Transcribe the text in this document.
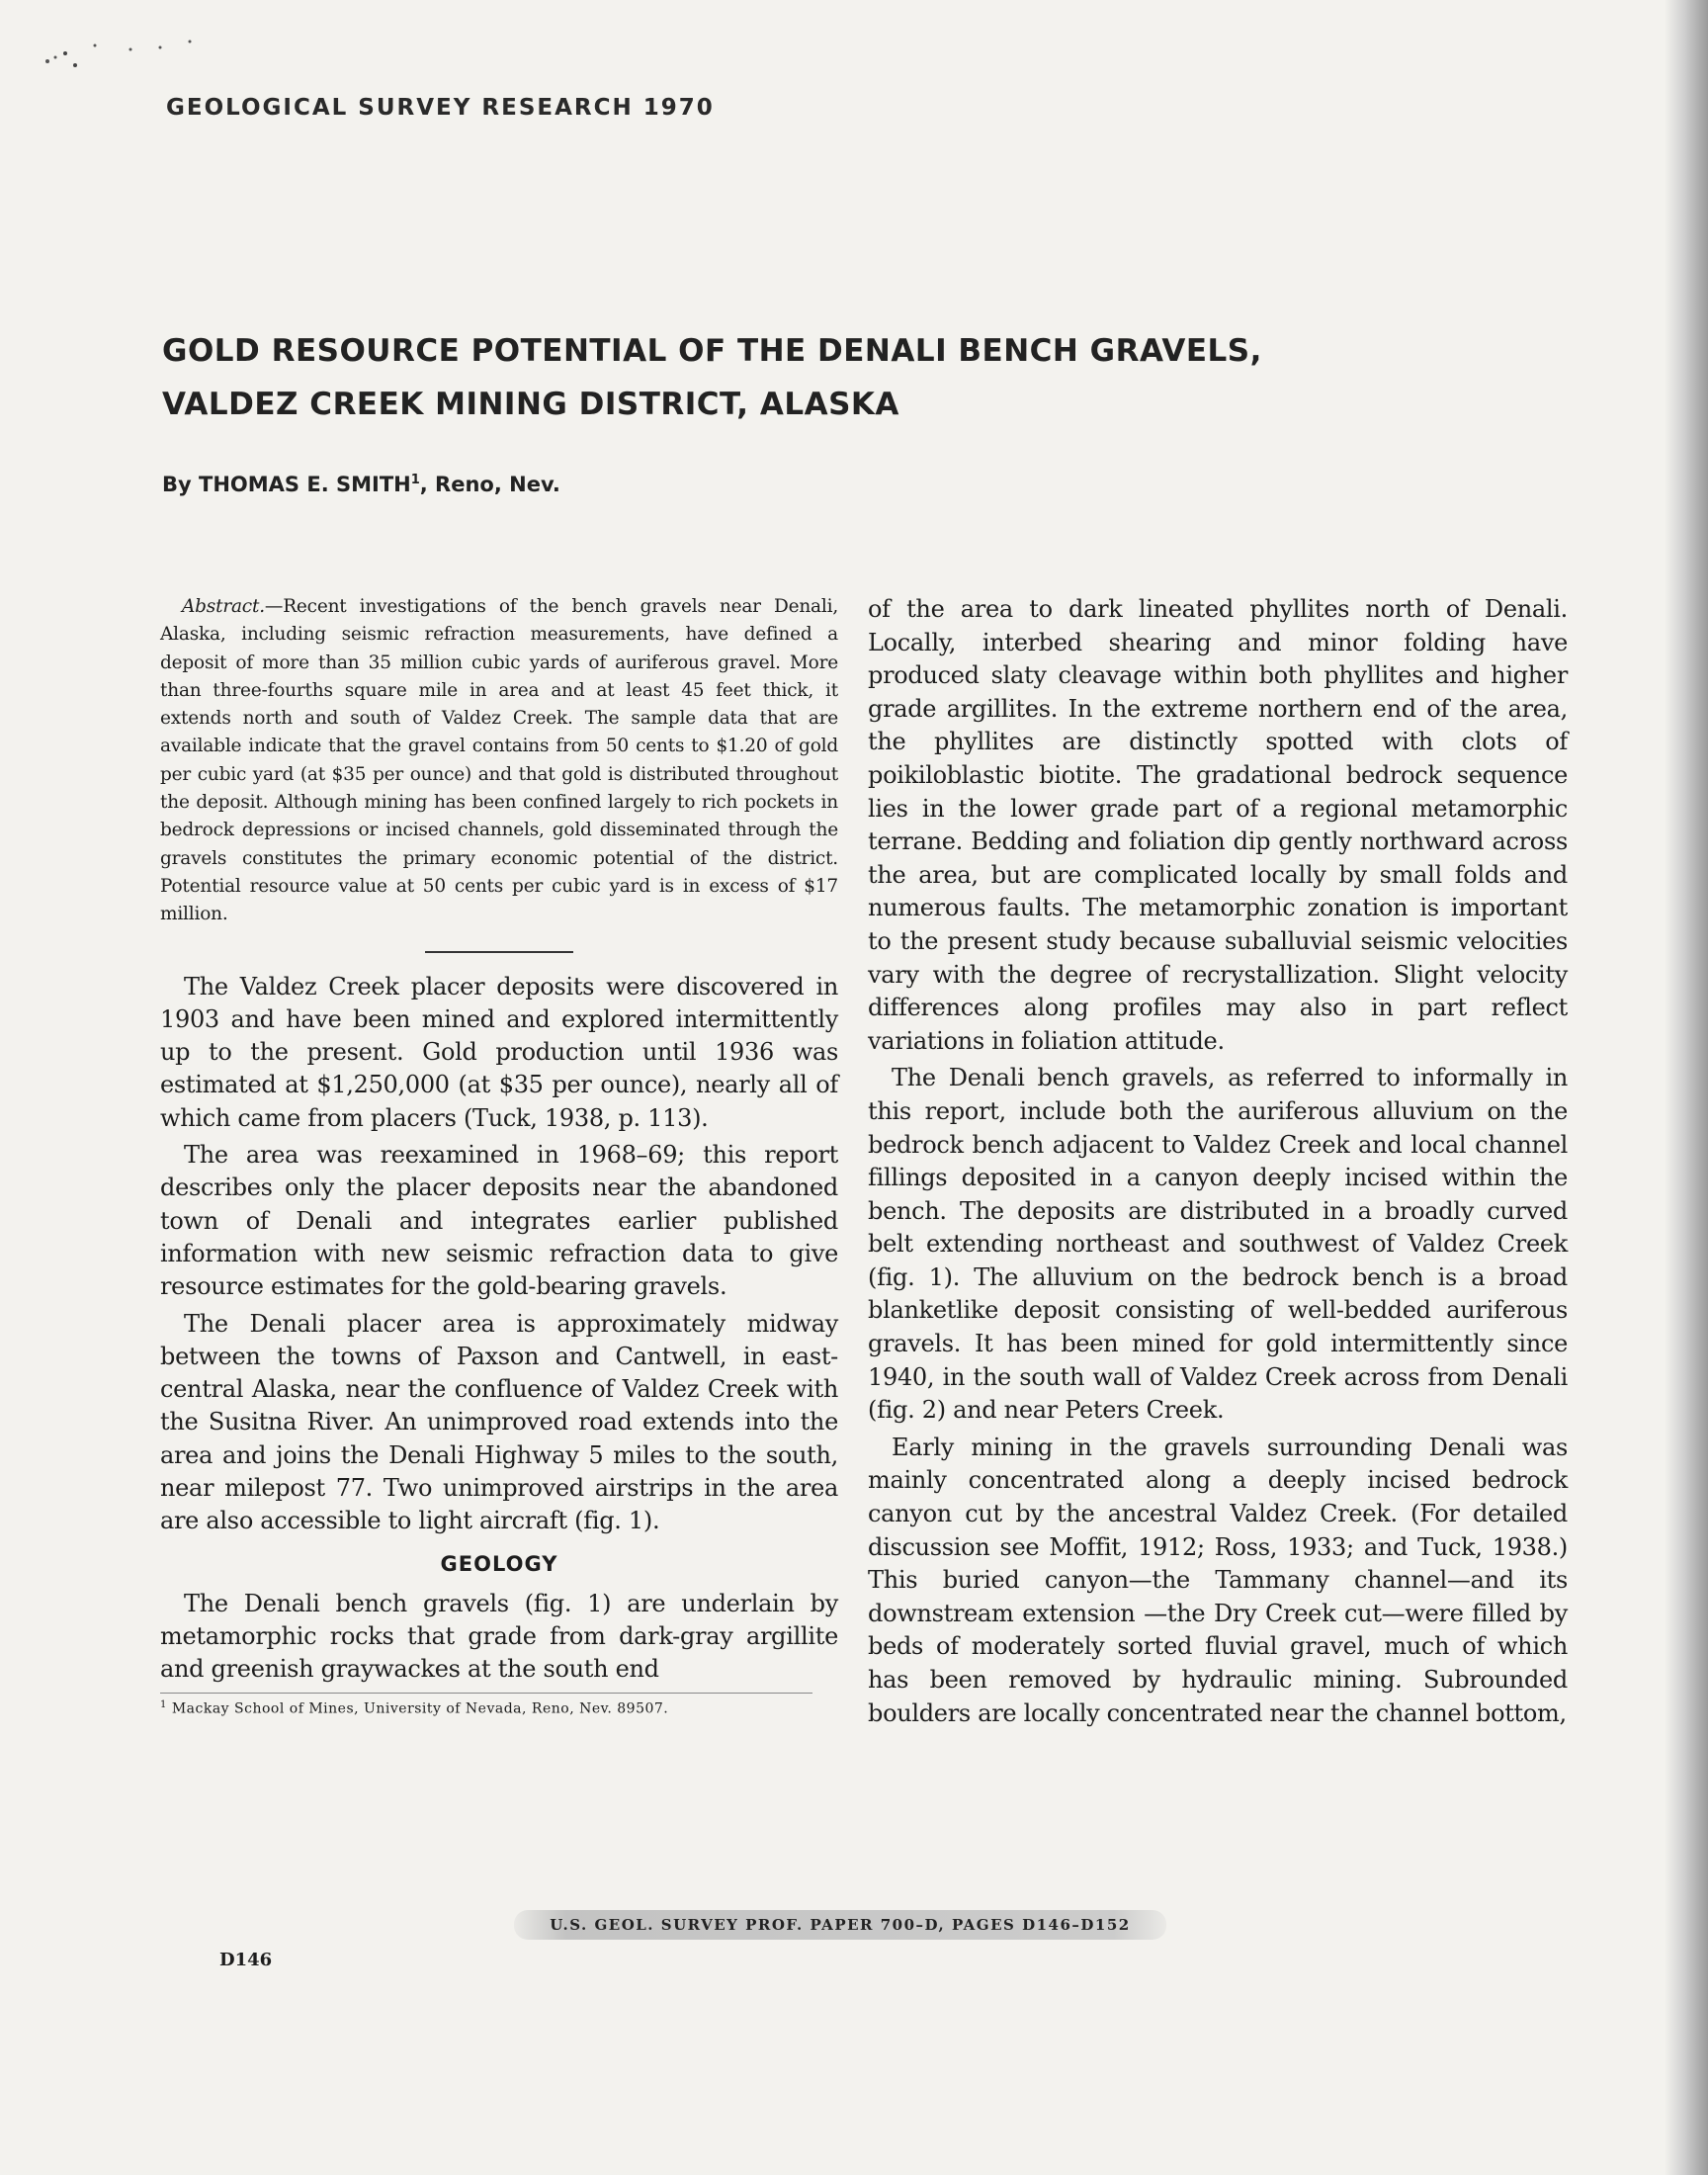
GEOLOGICAL SURVEY RESEARCH 1970
GOLD RESOURCE POTENTIAL OF THE DENALI BENCH GRAVELS,
VALDEZ CREEK MINING DISTRICT, ALASKA
By THOMAS E. SMITH$^1$, Reno, Nev.

Abstract.—Recent investigations of the bench gravels near Denali, Alaska, including seismic refraction measurements, have defined a deposit of more than 35 million cubic yards of auriferous gravel. More than three-fourths square mile in area and at least 45 feet thick, it extends north and south of Valdez Creek. The sample data that are available indicate that the gravel contains from 50 cents to $1.20 of gold per cubic yard (at $35 per ounce) and that gold is distributed throughout the deposit. Although mining has been confined largely to rich pockets in bedrock depressions or incised channels, gold disseminated through the gravels constitutes the primary economic potential of the district. Potential resource value at 50 cents per cubic yard is in excess of $17 million.

The Valdez Creek placer deposits were discovered in 1903 and have been mined and explored intermittently up to the present. Gold production until 1936 was estimated at $1,250,000 (at $35 per ounce), nearly all of which came from placers (Tuck, 1938, p. 113).

The area was reexamined in 1968–69; this report describes only the placer deposits near the abandoned town of Denali and integrates earlier published information with new seismic refraction data to give resource estimates for the gold-bearing gravels.

The Denali placer area is approximately midway between the towns of Paxson and Cantwell, in east-central Alaska, near the confluence of Valdez Creek with the Susitna River. An unimproved road extends into the area and joins the Denali Highway 5 miles to the south, near milepost 77. Two unimproved airstrips in the area are also accessible to light aircraft (fig. 1).

GEOLOGY

The Denali bench gravels (fig. 1) are underlain by metamorphic rocks that grade from dark-gray argillite and greenish graywackes at the south end

$^1$ Mackay School of Mines, University of Nevada, Reno, Nev. 89507.

of the area to dark lineated phyllites north of Denali. Locally, interbed shearing and minor folding have produced slaty cleavage within both phyllites and higher grade argillites. In the extreme northern end of the area, the phyllites are distinctly spotted with clots of poikiloblastic biotite. The gradational bedrock sequence lies in the lower grade part of a regional metamorphic terrane. Bedding and foliation dip gently northward across the area, but are complicated locally by small folds and numerous faults. The metamorphic zonation is important to the present study because suballuvial seismic velocities vary with the degree of recrystallization. Slight velocity differences along profiles may also in part reflect variations in foliation attitude.

The Denali bench gravels, as referred to informally in this report, include both the auriferous alluvium on the bedrock bench adjacent to Valdez Creek and local channel fillings deposited in a canyon deeply incised within the bench. The deposits are distributed in a broadly curved belt extending northeast and southwest of Valdez Creek (fig. 1). The alluvium on the bedrock bench is a broad blanketlike deposit consisting of well-bedded auriferous gravels. It has been mined for gold intermittently since 1940, in the south wall of Valdez Creek across from Denali (fig. 2) and near Peters Creek.

Early mining in the gravels surrounding Denali was mainly concentrated along a deeply incised bedrock canyon cut by the ancestral Valdez Creek. (For detailed discussion see Moffit, 1912; Ross, 1933; and Tuck, 1938.) This buried canyon—the Tammany channel—and its downstream extension —the Dry Creek cut—were filled by beds of moderately sorted fluvial gravel, much of which has been removed by hydraulic mining. Subrounded boulders are locally concentrated near the channel bottom,

U.S. GEOL. SURVEY PROF. PAPER 700–D, PAGES D146–D152
D146
